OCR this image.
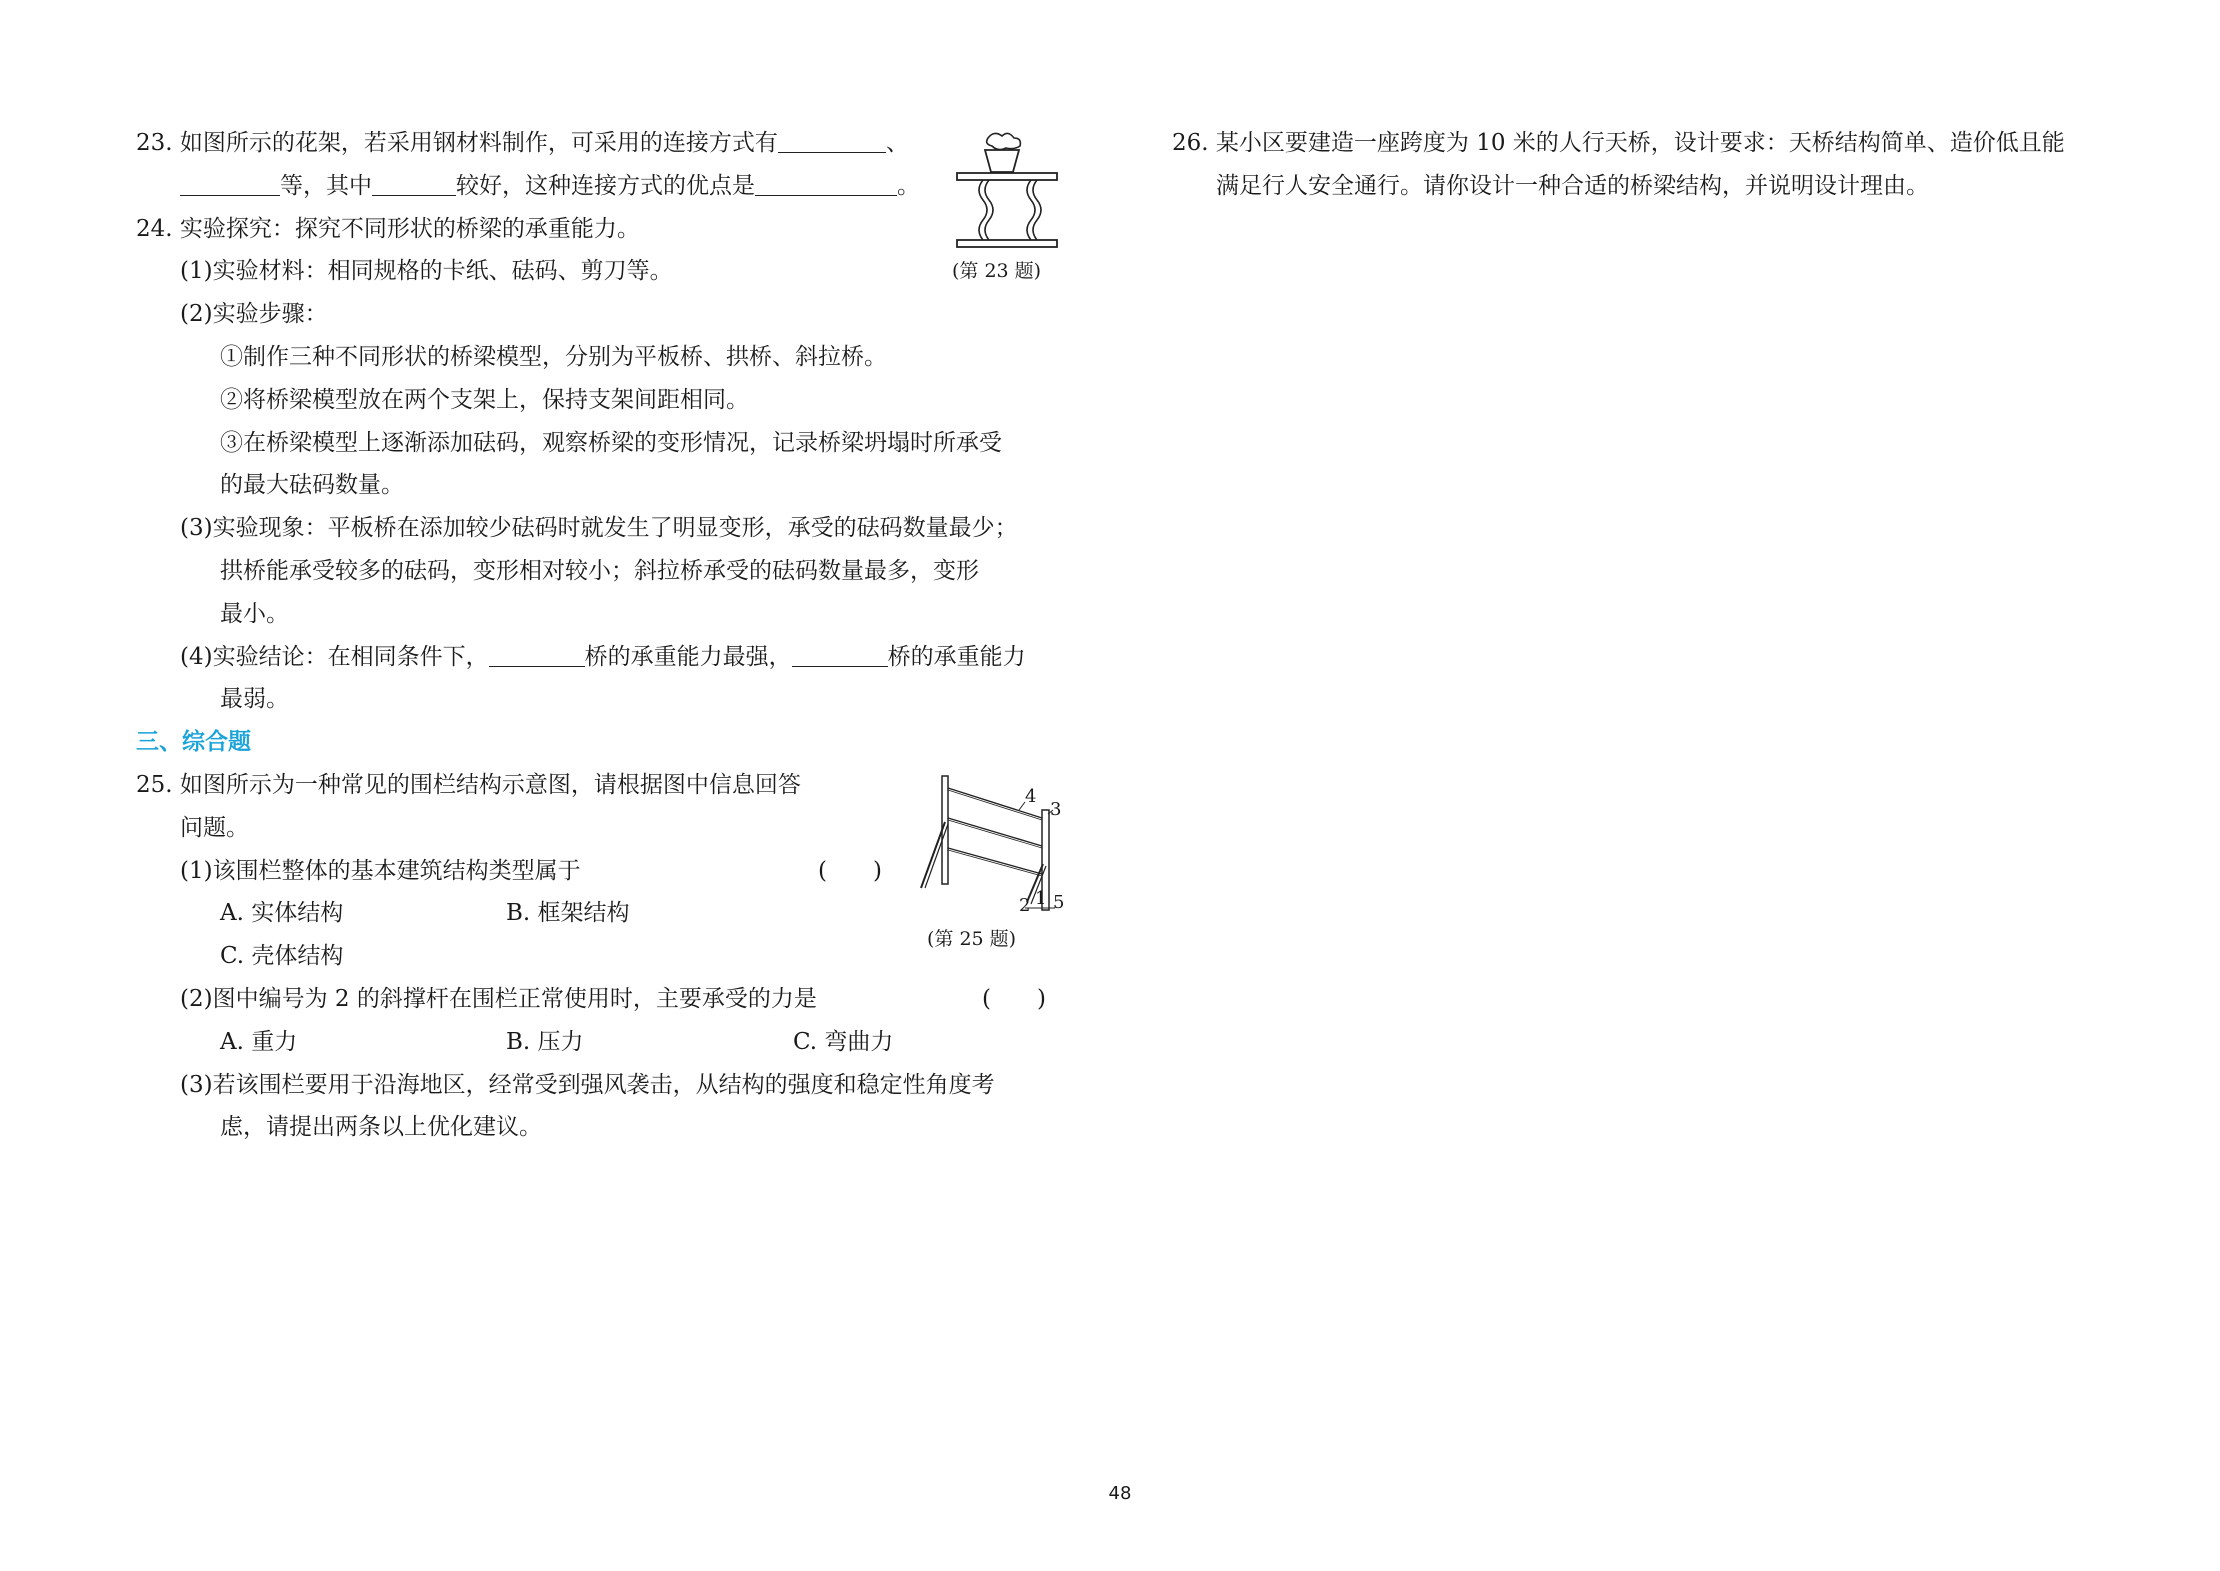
23. 如图所示的花架，若采用钢材料制作，可采用的连接方式有	、
等，其中	较好，这种连接方式的优点是	。
24. 实验探究：探究不同形状的桥梁的承重能力。
(1)实验材料：相同规格的卡纸、砝码、剪刀等。
(2)实验步骤：
①制作三种不同形状的桥梁模型，分别为平板桥、拱桥、斜拉桥。
②将桥梁模型放在两个支架上，保持支架间距相同。
③在桥梁模型上逐渐添加砝码，观察桥梁的变形情况，记录桥梁坍塌时所承受
的最大砝码数量。
(3)实验现象：平板桥在添加较少砝码时就发生了明显变形，承受的砝码数量最少；
拱桥能承受较多的砝码，变形相对较小；斜拉桥承受的砝码数量最多，变形
最小。
(4)实验结论：在相同条件下，	桥的承重能力最强，	桥的承重能力
最弱。
三、综合题
25. 如图所示为一种常见的围栏结构示意图，请根据图中信息回答
问题。
(1)该围栏整体的基本建筑结构类型属于	(　　)
A. 实体结构	B. 框架结构
C. 壳体结构
(2)图中编号为 2 的斜撑杆在围栏正常使用时，主要承受的力是	(　　)
A. 重力	B. 压力	C. 弯曲力
(3)若该围栏要用于沿海地区，经常受到强风袭击，从结构的强度和稳定性角度考
虑，请提出两条以上优化建议。
(第 23 题)
4
3
2 1 5
(第 25 题)
26. 某小区要建造一座跨度为 10 米的人行天桥，设计要求：天桥结构简单、造价低且能
满足行人安全通行。请你设计一种合适的桥梁结构，并说明设计理由。
48
